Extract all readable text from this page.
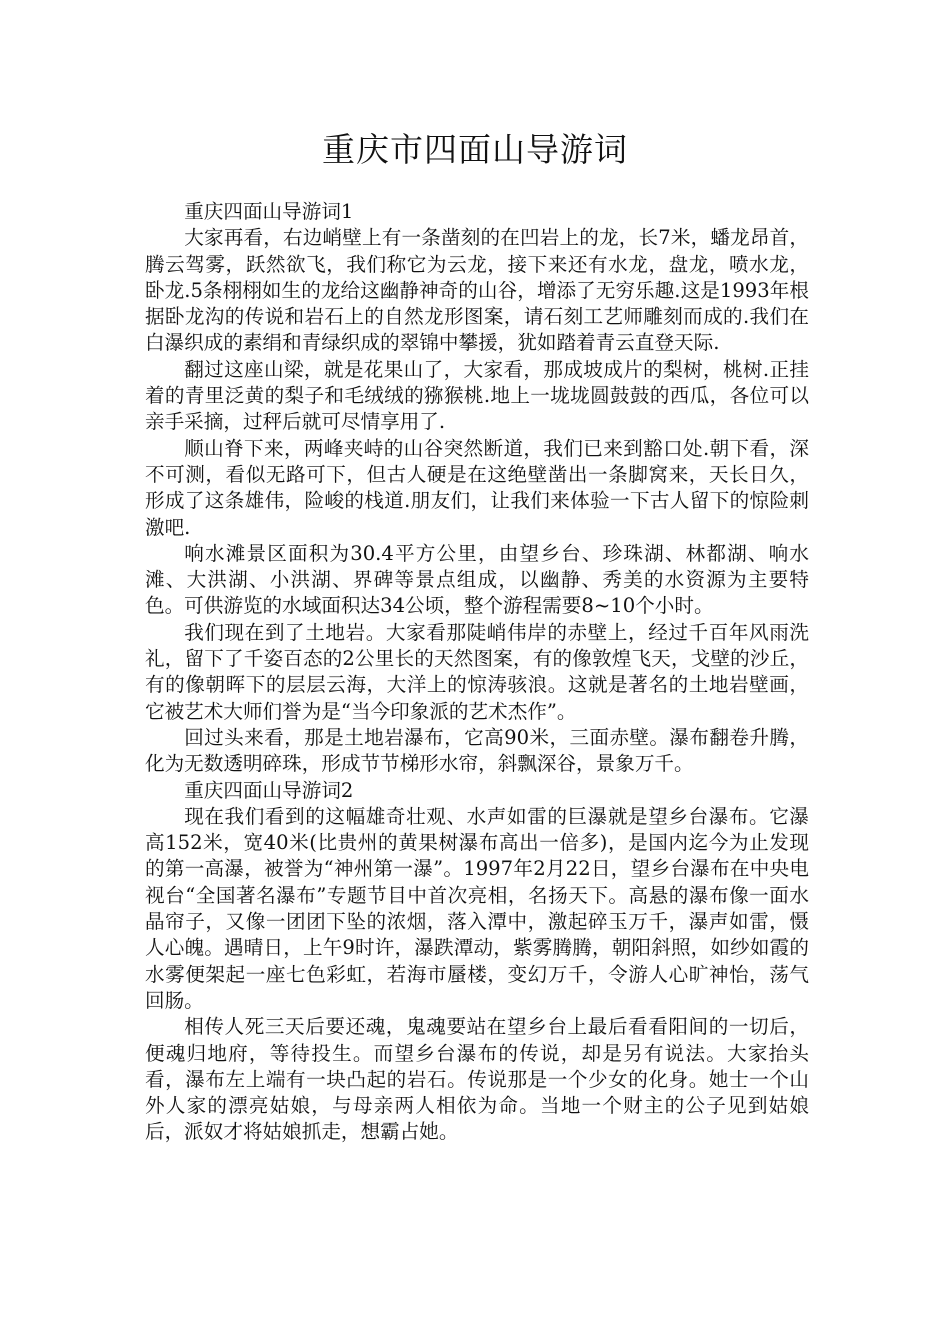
重庆市四面山导游词

重庆四面山导游词1

大家再看，右边峭壁上有一条凿刻的在凹岩上的龙，长7米，蟠龙昂首，腾云驾雾，跃然欲飞，我们称它为云龙，接下来还有水龙，盘龙，喷水龙，卧龙.5条栩栩如生的龙给这幽静神奇的山谷，增添了无穷乐趣.这是1993年根据卧龙沟的传说和岩石上的自然龙形图案，请石刻工艺师雕刻而成的.我们在白瀑织成的素绢和青绿织成的翠锦中攀援，犹如踏着青云直登天际.

翻过这座山梁，就是花果山了，大家看，那成坡成片的梨树，桃树.正挂着的青里泛黄的梨子和毛绒绒的猕猴桃.地上一垅垅圆鼓鼓的西瓜，各位可以亲手采摘，过秤后就可尽情享用了.

顺山脊下来，两峰夹峙的山谷突然断道，我们已来到豁口处.朝下看，深不可测，看似无路可下，但古人硬是在这绝壁凿出一条脚窝来，天长日久，形成了这条雄伟，险峻的栈道.朋友们，让我们来体验一下古人留下的惊险刺激吧.

响水滩景区面积为30.4平方公里，由望乡台、珍珠湖、林都湖、响水滩、大洪湖、小洪湖、界碑等景点组成，以幽静、秀美的水资源为主要特色。可供游览的水域面积达34公顷，整个游程需要8~10个小时。

我们现在到了土地岩。大家看那陡峭伟岸的赤壁上，经过千百年风雨洗礼，留下了千姿百态的2公里长的天然图案，有的像敦煌飞天，戈壁的沙丘，有的像朝晖下的层层云海，大洋上的惊涛骇浪。这就是著名的土地岩壁画，它被艺术大师们誉为是“当今印象派的艺术杰作”。

回过头来看，那是土地岩瀑布，它高90米，三面赤壁。瀑布翻卷升腾，化为无数透明碎珠，形成节节梯形水帘，斜飘深谷，景象万千。

重庆四面山导游词2

现在我们看到的这幅雄奇壮观、水声如雷的巨瀑就是望乡台瀑布。它瀑高152米，宽40米(比贵州的黄果树瀑布高出一倍多)，是国内迄今为止发现的第一高瀑，被誉为“神州第一瀑”。1997年2月22日，望乡台瀑布在中央电视台“全国著名瀑布”专题节目中首次亮相，名扬天下。高悬的瀑布像一面水晶帘子，又像一团团下坠的浓烟，落入潭中，激起碎玉万千，瀑声如雷，慑人心魄。遇晴日，上午9时许，瀑跌潭动，紫雾腾腾，朝阳斜照，如纱如霞的水雾便架起一座七色彩虹，若海市蜃楼，变幻万千，令游人心旷神怡，荡气回肠。

相传人死三天后要还魂，鬼魂要站在望乡台上最后看看阳间的一切后，便魂归地府，等待投生。而望乡台瀑布的传说，却是另有说法。大家抬头看，瀑布左上端有一块凸起的岩石。传说那是一个少女的化身。她士一个山外人家的漂亮姑娘，与母亲两人相依为命。当地一个财主的公子见到姑娘后，派奴才将姑娘抓走，想霸占她。
